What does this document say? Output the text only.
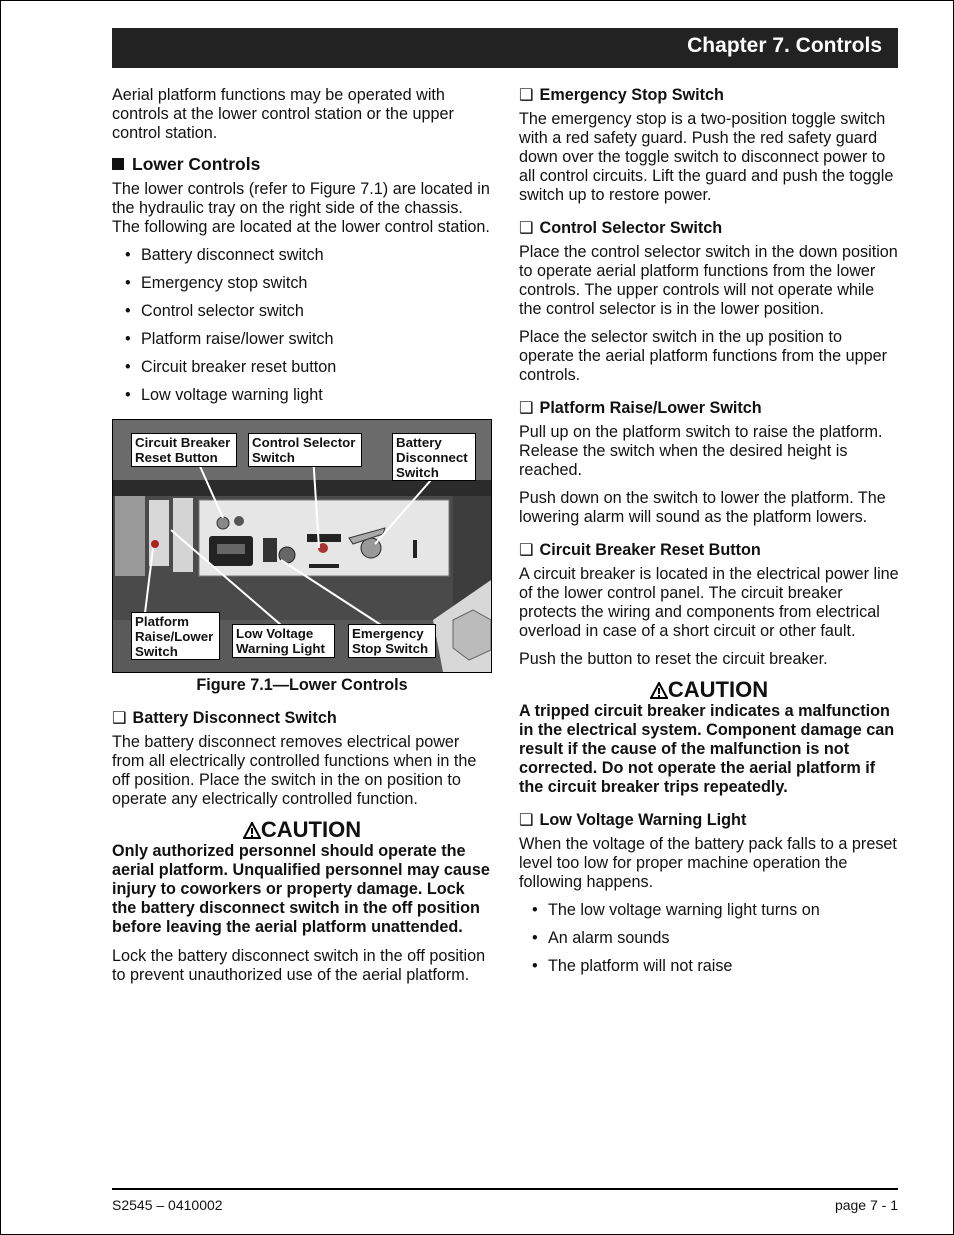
Chapter 7. Controls

Aerial platform functions may be operated with controls at the lower control station or the upper control station.

Lower Controls

The lower controls (refer to Figure 7.1) are located in the hydraulic tray on the right side of the chassis. The following are located at the lower control station.

• Battery disconnect switch
• Emergency stop switch
• Control selector switch
• Platform raise/lower switch
• Circuit breaker reset button
• Low voltage warning light
Circuit Breaker Reset Button
Control Selector Switch
Battery Disconnect Switch
Platform Raise/Lower Switch
Low Voltage Warning Light
Emergency Stop Switch
Figure 7.1—Lower Controls
❑ Battery Disconnect Switch

The battery disconnect removes electrical power from all electrically controlled functions when in the off position. Place the switch in the on position to operate any electrically controlled function.

CAUTION
Only authorized personnel should operate the aerial platform. Unqualified personnel may cause injury to coworkers or property damage. Lock the battery disconnect switch in the off position before leaving the aerial platform unattended.

Lock the battery disconnect switch in the off position to prevent unauthorized use of the aerial platform.

❑ Emergency Stop Switch

The emergency stop is a two-position toggle switch with a red safety guard. Push the red safety guard down over the toggle switch to disconnect power to all control circuits. Lift the guard and push the toggle switch up to restore power.

❑ Control Selector Switch

Place the control selector switch in the down position to operate aerial platform functions from the lower controls. The upper controls will not operate while the control selector is in the lower position.

Place the selector switch in the up position to operate the aerial platform functions from the upper controls.

❑ Platform Raise/Lower Switch

Pull up on the platform switch to raise the platform. Release the switch when the desired height is reached.

Push down on the switch to lower the platform. The lowering alarm will sound as the platform lowers.

❑ Circuit Breaker Reset Button

A circuit breaker is located in the electrical power line of the lower control panel. The circuit breaker protects the wiring and components from electrical overload in case of a short circuit or other fault.

Push the button to reset the circuit breaker.

CAUTION
A tripped circuit breaker indicates a malfunction in the electrical system. Component damage can result if the cause of the malfunction is not corrected. Do not operate the aerial platform if the circuit breaker trips repeatedly.
❑ Low Voltage Warning Light

When the voltage of the battery pack falls to a preset level too low for proper machine operation the following happens.

• The low voltage warning light turns on
• An alarm sounds
• The platform will not raise
S2545 – 0410002	page 7 - 1
